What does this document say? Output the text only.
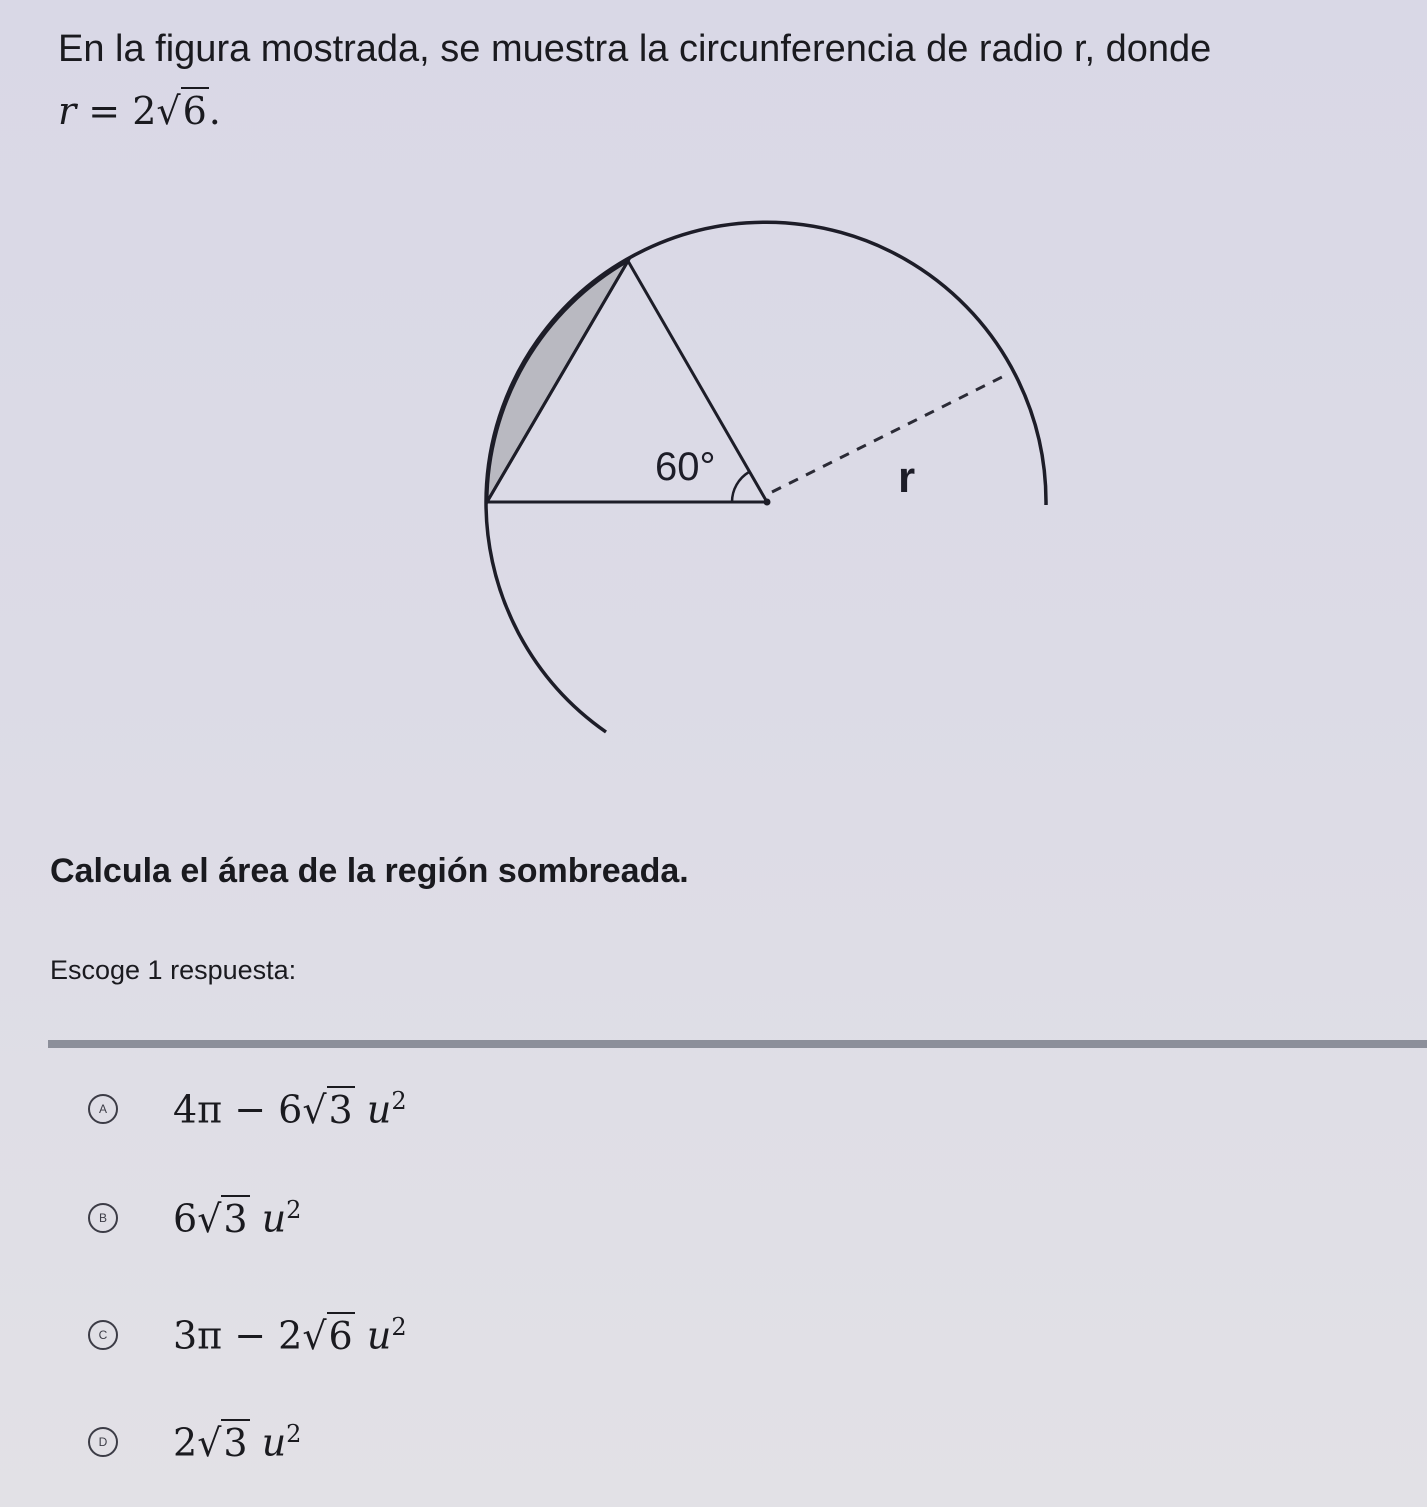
En la figura mostrada, se muestra la circunferencia de radio r, donde
r = 2√6.
60°	r
Calcula el área de la región sombreada.
Escoge 1 respuesta:
A 4π − 6√3 $u^2$
B 6√3 $u^2$
C 3π − 2√6 $u^2$
D 2√3 $u^2$
